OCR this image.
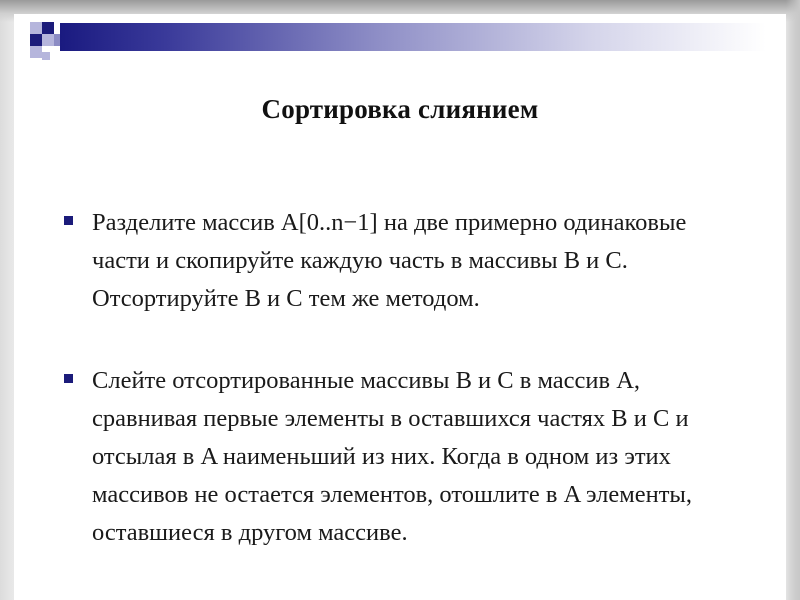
Сортировка слиянием
Разделите массив A[0..n−1] на две примерно одинаковые
части и скопируйте каждую часть в массивы B и C.
Отсортируйте B и C тем же методом.
Слейте отсортированные массивы B и C в массив A,
сравнивая первые элементы в оставшихся частях B и C и
отсылая в A наименьший из них. Когда в одном из этих
массивов не остается элементов, отошлите в A элементы,
оставшиеся в другом массиве.
